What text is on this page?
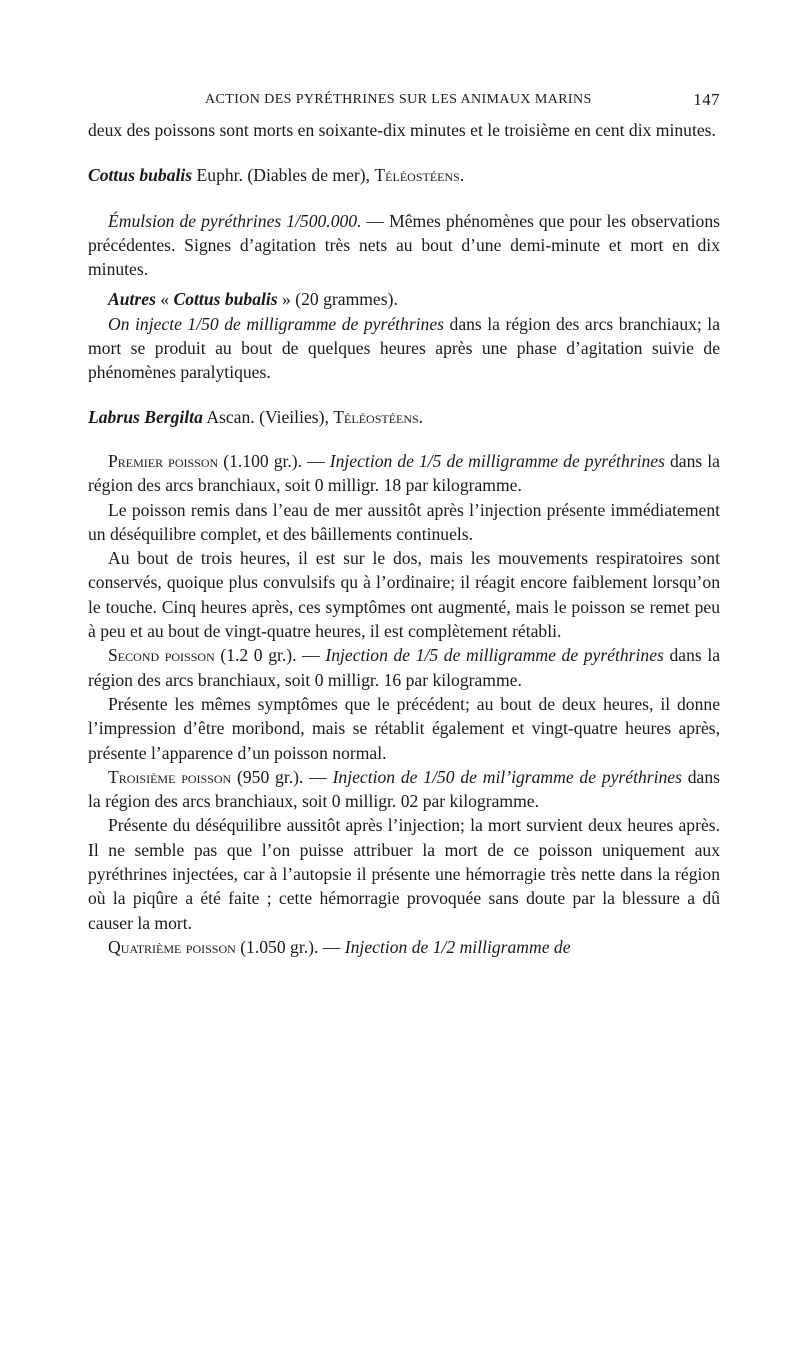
ACTION DES PYRÉTHRINES SUR LES ANIMAUX MARINS	147

deux des poissons sont morts en soixante-dix minutes et le troisième en cent dix minutes.

Cottus bubalis Euphr. (Diables de mer), Téléostéens.

Émulsion de pyréthrines 1/500.000. — Mêmes phénomènes que pour les observations précédentes. Signes d’agitation très nets au bout d’une demi-minute et mort en dix minutes.

Autres « Cottus bubalis » (20 grammes).

On injecte 1/50 de milligramme de pyréthrines dans la région des arcs branchiaux; la mort se produit au bout de quelques heures après une phase d’agitation suivie de phénomènes paralytiques.

Labrus Bergilta Ascan. (Vieilies), Téléostéens.

Premier poisson (1.100 gr.). — Injection de 1/5 de milligramme de pyréthrines dans la région des arcs branchiaux, soit 0 milligr. 18 par kilogramme.

Le poisson remis dans l’eau de mer aussitôt après l’injection présente immédiatement un déséquilibre complet, et des bâillements continuels.

Au bout de trois heures, il est sur le dos, mais les mouvements respiratoires sont conservés, quoique plus convulsifs qu à l’ordinaire; il réagit encore faiblement lorsqu’on le touche. Cinq heures après, ces symptômes ont augmenté, mais le poisson se remet peu à peu et au bout de vingt-quatre heures, il est complètement rétabli.

Second poisson (1.2 0 gr.). — Injection de 1/5 de milligramme de pyréthrines dans la région des arcs branchiaux, soit 0 milligr. 16 par kilogramme.

Présente les mêmes symptômes que le précédent; au bout de deux heures, il donne l’impression d’être moribond, mais se rétablit également et vingt-quatre heures après, présente l’apparence d’un poisson normal.

Troisième poisson (950 gr.). — Injection de 1/50 de mil’igramme de pyréthrines dans la région des arcs branchiaux, soit 0 milligr. 02 par kilogramme.

Présente du déséquilibre aussitôt après l’injection; la mort survient deux heures après. Il ne semble pas que l’on puisse attribuer la mort de ce poisson uniquement aux pyréthrines injectées, car à l’autopsie il présente une hémorragie très nette dans la région où la piqûre a été faite ; cette hémorragie provoquée sans doute par la blessure a dû causer la mort.

Quatrième poisson (1.050 gr.). — Injection de 1/2 milligramme de
